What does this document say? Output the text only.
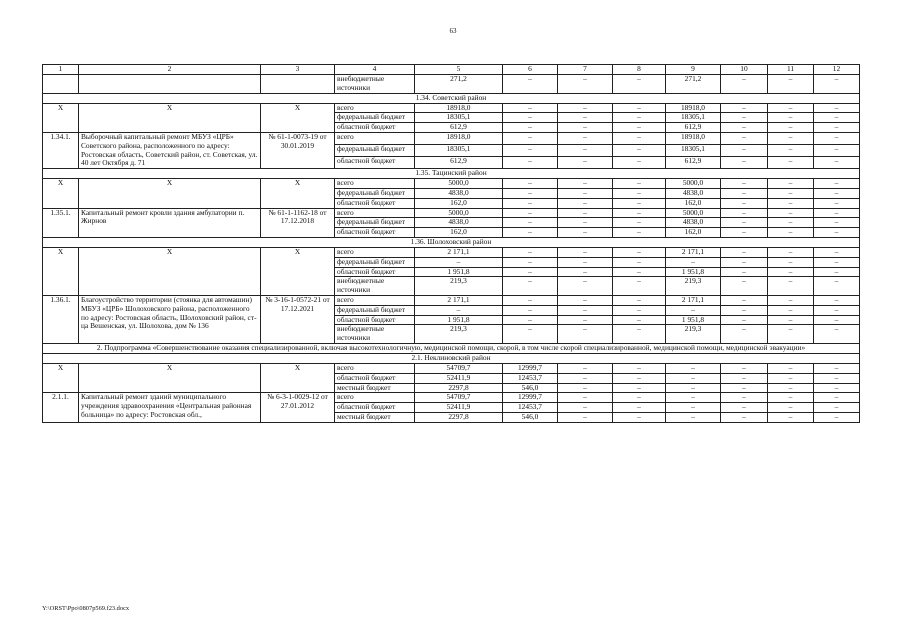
63
1	2	3	4	5	6	7	8	9	10	11	12
			внебюджетные источники	271,2	–	–	–	271,2	–	–	–
1.34. Советский район											
X	X	X	всего	18918,0	–	–	–	18918,0	–	–	–
			федеральный бюджет	18305,1	–	–	–	18305,1	–	–	–
			областной бюджет	612,9	–	–	–	612,9	–	–	–
1.34.1.	Выборочный капитальный ремонт МБУЗ «ЦРБ» Советского района, расположенного по адресу: Ростовская область, Советский район, ст. Советская, ул. 40 лет Октября д. 71	№ 61-1-0073-19 от 30.01.2019	всего	18918,0	–	–	–	18918,0	–	–	–
			федеральный бюджет	18305,1	–	–	–	18305,1	–	–	–
			областной бюджет	612,9	–	–	–	612,9	–	–	–
1.35. Тацинский район											
X	X	X	всего	5000,0	–	–	–	5000,0	–	–	–
			федеральный бюджет	4838,0	–	–	–	4838,0	–	–	–
			областной бюджет	162,0	–	–	–	162,0	–	–	–
1.35.1.	Капитальный ремонт кровли здания амбулатории п. Жирнов	№ 61-1-1162-18 от 17.12.2018	всего	5000,0	–	–	–	5000,0	–	–	–
			федеральный бюджет	4838,0	–	–	–	4838,0	–	–	–
			областной бюджет	162,0	–	–	–	162,0	–	–	–
1.36. Шолоховский район											
X	X	X	всего	2 171,1	–	–	–	2 171,1	–	–	–
			федеральный бюджет	–	–	–	–	–	–	–	–
			областной бюджет	1 951,8	–	–	–	1 951,8	–	–	–
			внебюджетные источники	219,3	–	–	–	219,3	–	–	–
1.36.1.	Благоустройство территории (стоянка для автомашин) МБУЗ «ЦРБ» Шолоховского района, расположенного по адресу: Ростовская область, Шолоховский район, ст-ца Вешенская, ул. Шолохова, дом № 136	№ 3-16-1-0572-21 от 17.12.2021	всего	2 171,1	–	–	–	2 171,1	–	–	–
			федеральный бюджет	–	–	–	–	–	–	–	–
			областной бюджет	1 951,8	–	–	–	1 951,8	–	–	–
			внебюджетные источники	219,3	–	–	–	219,3	–	–	–
2. Подпрограмма «Совершенствование оказания специализированной, включая высокотехнологичную, медицинской помощи, скорой, в том числе скорой специализированной, медицинской помощи, медицинской эвакуации»											
2.1. Неклиновский район											
X	X	X	всего	54709,7	12999,7	–	–	–	–	–	–
			областной бюджет	52411,9	12453,7	–	–	–	–	–	–
			местный бюджет	2297,8	546,0	–	–	–	–	–	–
2.1.1.	Капитальный ремонт зданий муниципального учреждения здравоохранения «Центральная районная больница» по адресу: Ростовская обл.,	№ 6-3-1-0029-12 от 27.01.2012	всего	54709,7	12999,7	–	–	–	–	–	–
			областной бюджет	52411,9	12453,7	–	–	–	–	–	–
			местный бюджет	2297,8	546,0	–	–	–	–	–	–
Y:\ORST\Ppo\0807p569.f23.docx
